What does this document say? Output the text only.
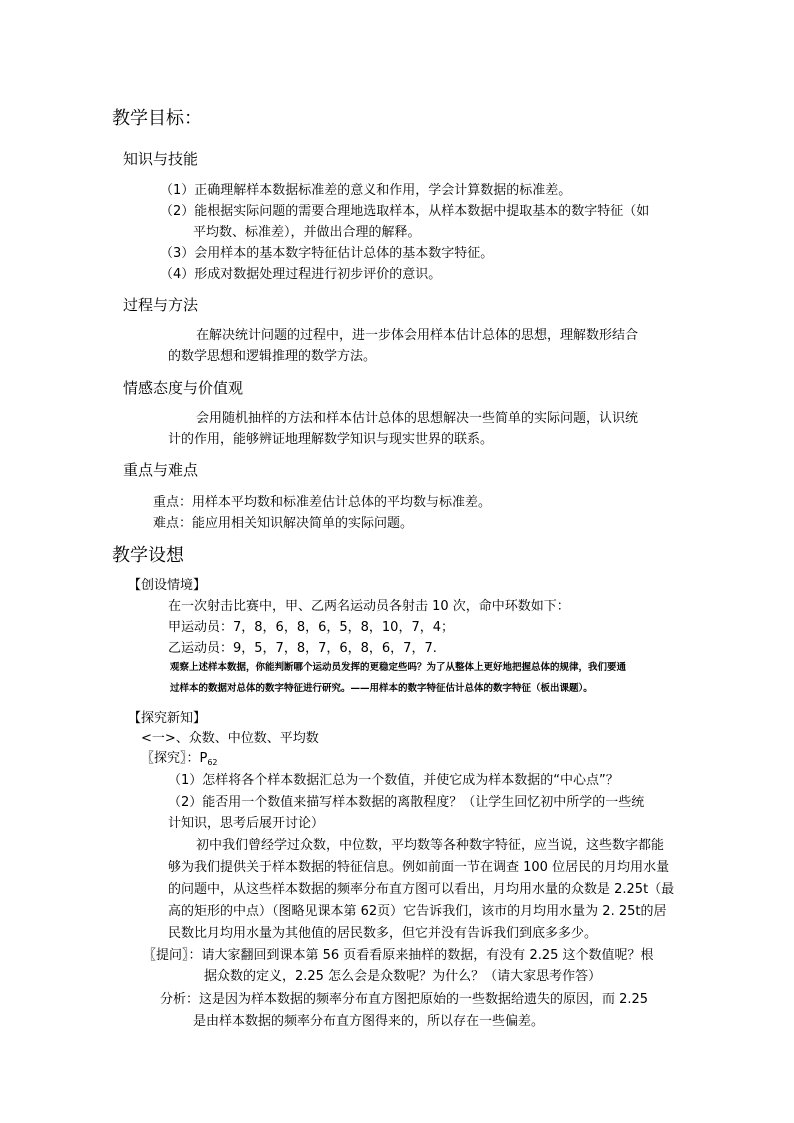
教学目标：
知识与技能
（1）正确理解样本数据标准差的意义和作用，学会计算数据的标准差。
（2）能根据实际问题的需要合理地选取样本，从样本数据中提取基本的数字特征（如
平均数、标准差），并做出合理的解释。
（3）会用样本的基本数字特征估计总体的基本数字特征。
（4）形成对数据处理过程进行初步评价的意识。
过程与方法
在解决统计问题的过程中，进一步体会用样本估计总体的思想，理解数形结合
的数学思想和逻辑推理的数学方法。
情感态度与价值观
会用随机抽样的方法和样本估计总体的思想解决一些简单的实际问题，认识统
计的作用，能够辨证地理解数学知识与现实世界的联系。
重点与难点
重点：用样本平均数和标准差估计总体的平均数与标准差。
难点：能应用相关知识解决简单的实际问题。
教学设想
【创设情境】
在一次射击比赛中，甲、乙两名运动员各射击 10 次，命中环数如下：
甲运动员：7，8，6，8，6，5，8，10，7，4；
乙运动员：9，5，7，8，7，6，8，6，7，7.
观察上述样本数据，你能判断哪个运动员发挥的更稳定些吗？为了从整体上更好地把握总体的规律，我们要通
过样本的数据对总体的数字特征进行研究。——用样本的数字特征估计总体的数字特征（板出课题）。
【探究新知】
<一>、众数、中位数、平均数
〖探究〗：$P_{62}$
（1）怎样将各个样本数据汇总为一个数值，并使它成为样本数据的“中心点”？
（2）能否用一个数值来描写样本数据的离散程度？（让学生回忆初中所学的一些统
计知识，思考后展开讨论）
初中我们曾经学过众数，中位数，平均数等各种数字特征，应当说，这些数字都能
够为我们提供关于样本数据的特征信息。例如前面一节在调查 100 位居民的月均用水量
的问题中，从这些样本数据的频率分布直方图可以看出，月均用水量的众数是 2.25t（最
高的矩形的中点）（图略见课本第 62页）它告诉我们，该市的月均用水量为 2. 25t的居
民数比月均用水量为其他值的居民数多，但它并没有告诉我们到底多多少。
〖提问〗：请大家翻回到课本第 56 页看看原来抽样的数据，有没有 2.25 这个数值呢？根
据众数的定义，2.25 怎么会是众数呢？为什么？（请大家思考作答）
分析：这是因为样本数据的频率分布直方图把原始的一些数据给遗失的原因，而 2.25
是由样本数据的频率分布直方图得来的，所以存在一些偏差。
